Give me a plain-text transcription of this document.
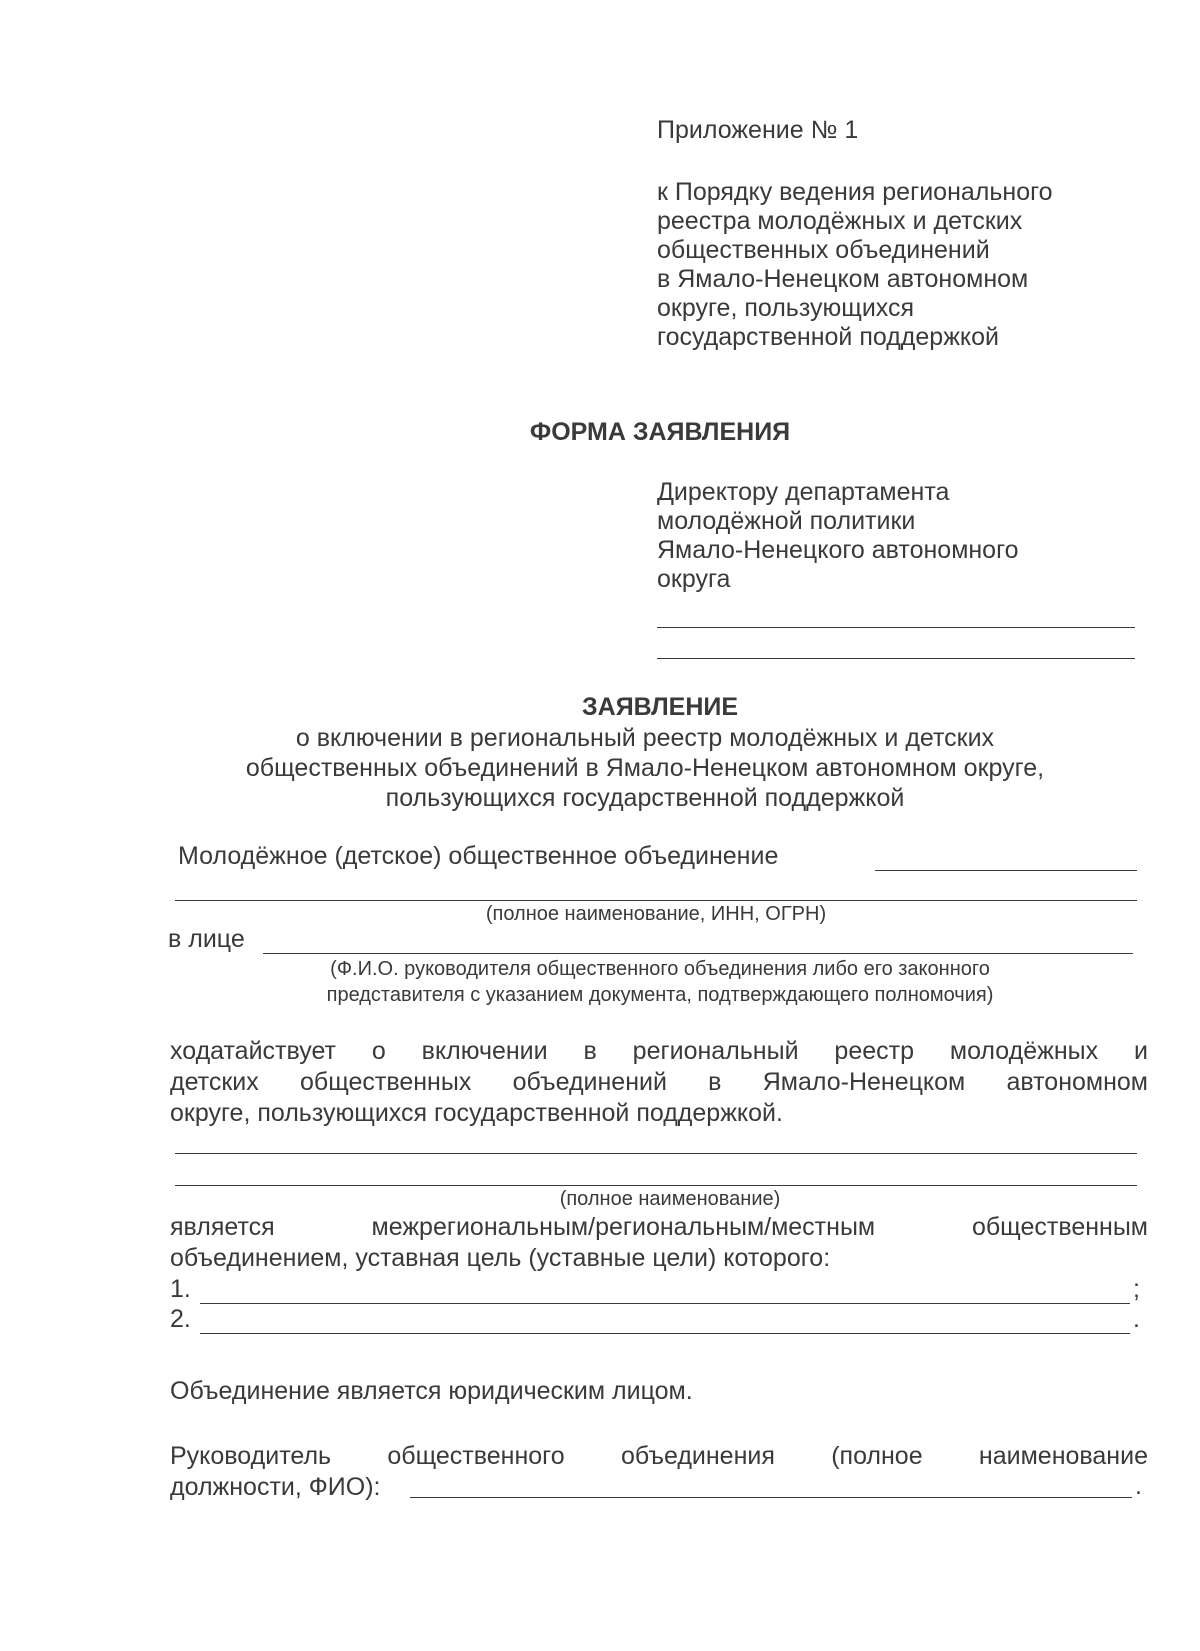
Приложение № 1
к Порядку ведения регионального
реестра молодёжных и детских
общественных объединений
в Ямало-Ненецком автономном
округе, пользующихся
государственной поддержкой
ФОРМА ЗАЯВЛЕНИЯ
Директору департамента
молодёжной политики
Ямало-Ненецкого автономного
округа
ЗАЯВЛЕНИЕ
о включении в региональный реестр молодёжных и детских
общественных объединений в Ямало-Ненецком автономном округе,
пользующихся государственной поддержкой
Молодёжное (детское) общественное объединение
(полное наименование, ИНН, ОГРН)
в лице
(Ф.И.О. руководителя общественного объединения либо его законного
представителя с указанием документа, подтверждающего полномочия)
ходатайствует о включении в региональный реестр молодёжных и
детских общественных объединений в Ямало-Ненецком автономном
округе, пользующихся государственной поддержкой.
(полное наименование)
является межрегиональным/региональным/местным общественным
объединением, уставная цель (уставные цели) которого:
1.	;
2.	.
Объединение является юридическим лицом.
Руководитель общественного объединения (полное наименование
должности, ФИО):	.
